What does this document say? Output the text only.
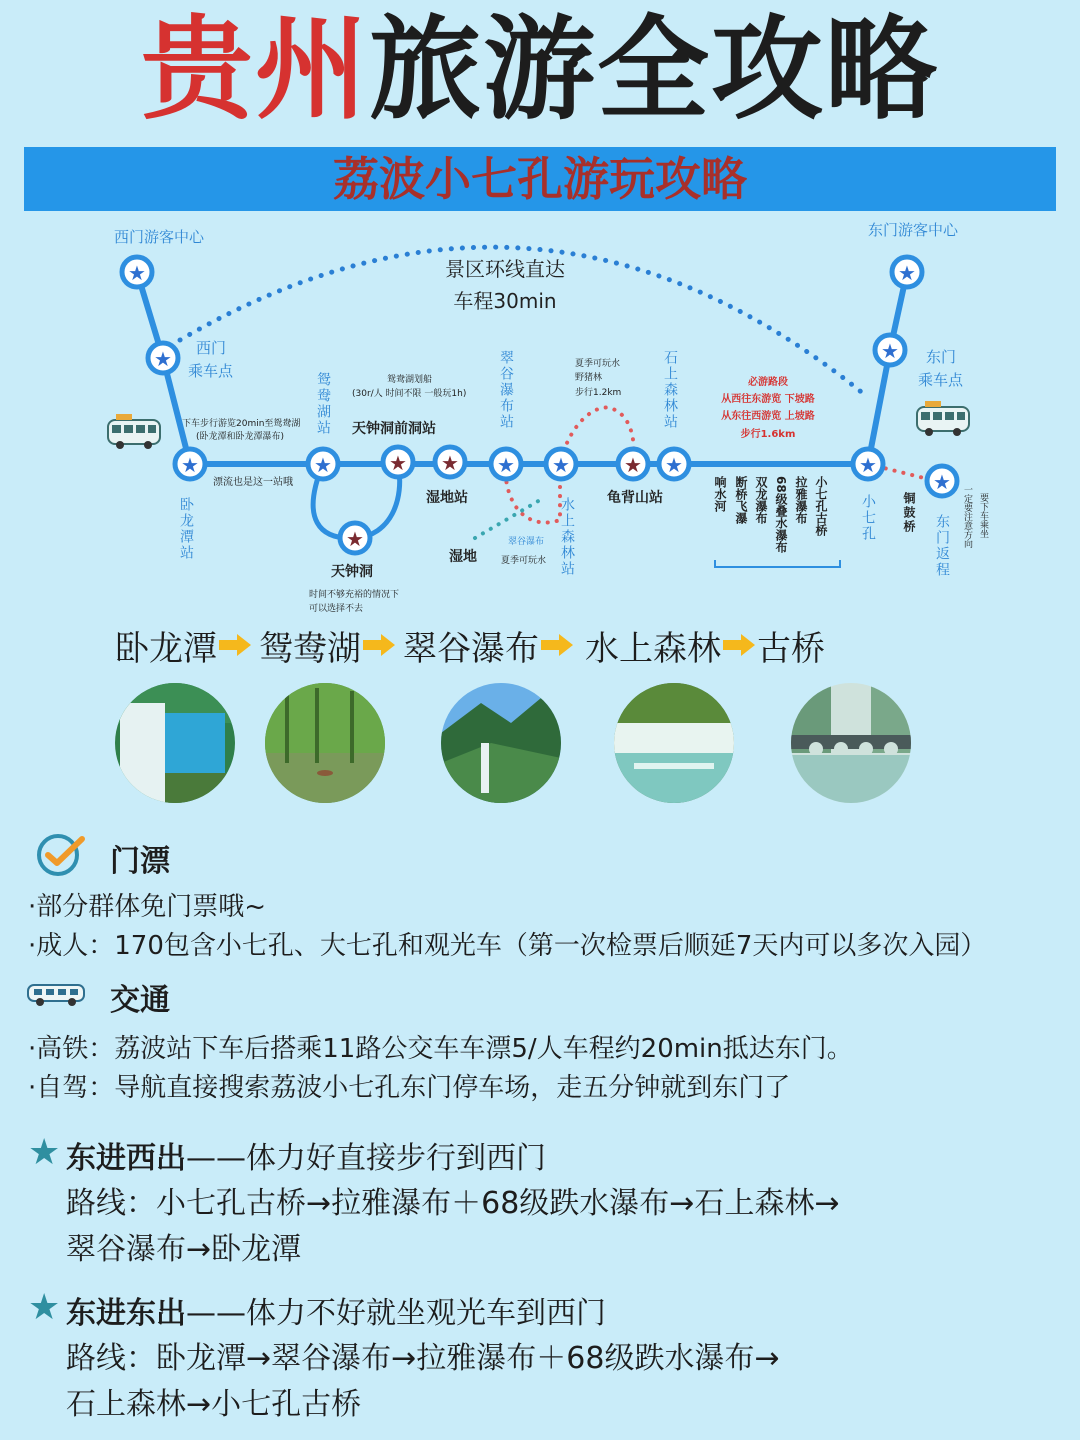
贵州旅游全攻略
荔波小七孔游玩攻略
★
★
★	★	★ ★	★	★
★
★
★
★ ★
★
★
西门游客中心	东门游客中心
景区环线直达
车程30min
西门乘车点
东门乘车点
下车步行游览20min至鸳鸯湖
(卧龙潭和卧龙潭瀑布)
漂流也是这一站哦
鸳鸯湖划船
(30r/人 时间不限 一般玩1h)
天钟洞前洞站
湿地站
湿地
天钟洞
时间不够充裕的情况下
可以选择不去
翠谷瀑布
夏季可玩水
夏季可玩水
野猪林
步行1.2km
龟背山站
必游路段
从西往东游览 下坡路
从东往西游览 上坡路
步行1.6km
卧龙潭站
鸳鸯湖站	翠谷瀑布站
水上森林站
石上森林站
小七孔 铜鼓桥
东门返程	要下车乘坐
一定要注意方向
响水河 断桥飞瀑 双龙瀑布 68级叠水瀑布 拉雅瀑布 小七孔古桥
卧龙潭 鸳鸯湖 翠谷瀑布 水上森林 古桥
门漂
·部分群体免门票哦~
·成人：170包含小七孔、大七孔和观光车（第一次检票后顺延7天内可以多次入园）
交通
·高铁：荔波站下车后搭乘11路公交车车漂5/人车程约20min抵达东门。
·自驾：导航直接搜索荔波小七孔东门停车场，走五分钟就到东门了
★ 东进西出——体力好直接步行到西门
路线：小七孔古桥→拉雅瀑布＋68级跌水瀑布→石上森林→
翠谷瀑布→卧龙潭
★ 东进东出——体力不好就坐观光车到西门
路线：卧龙潭→翠谷瀑布→拉雅瀑布＋68级跌水瀑布→
石上森林→小七孔古桥
